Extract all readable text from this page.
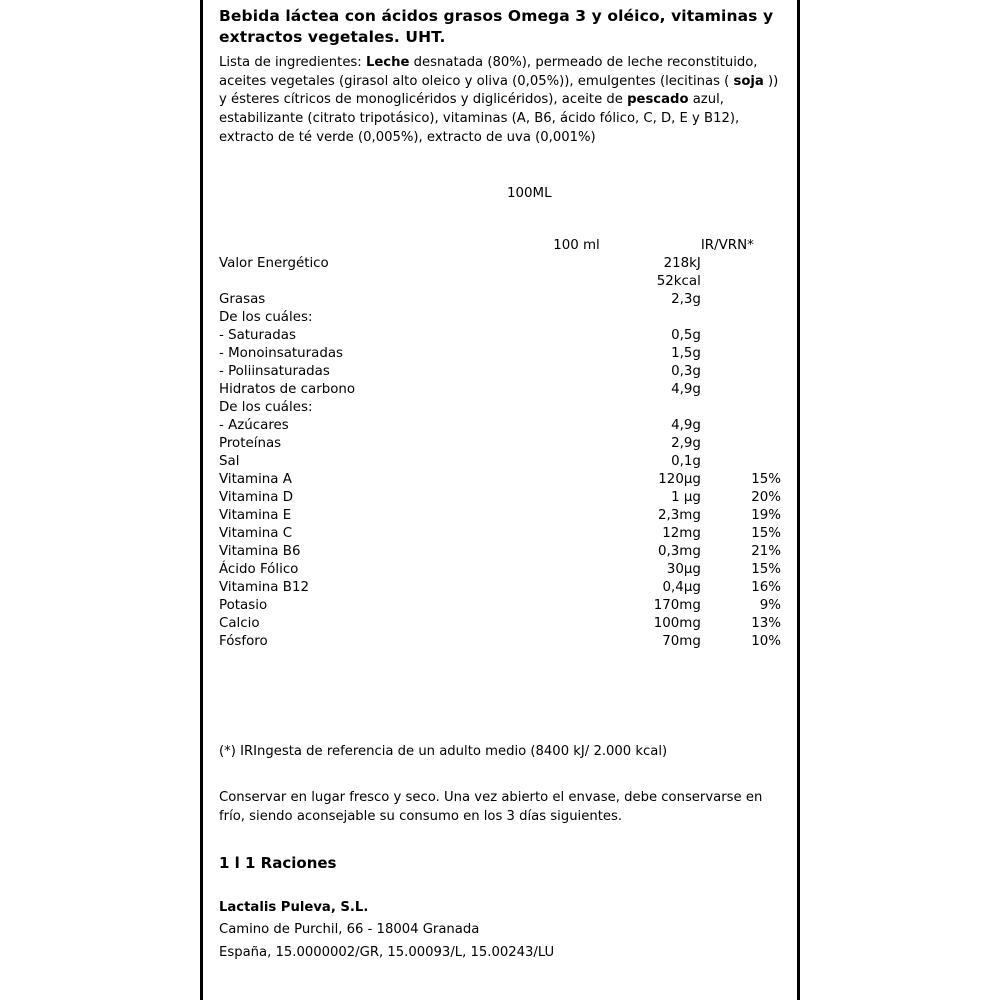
Bebida láctea con ácidos grasos Omega 3 y oléico, vitaminas y extractos vegetales. UHT.
Lista de ingredientes: Leche desnatada (80%), permeado de leche reconstituido, aceites vegetales (girasol alto oleico y oliva (0,05%)), emulgentes (lecitinas ( soja )) y ésteres cítricos de monoglicéridos y diglicéridos), aceite de pescado azul, estabilizante (citrato tripotásico), vitaminas (A, B6, ácido fólico, C, D, E y B12), extracto de té verde (0,005%), extracto de uva (0,001%)
100ML
	100 ml	IR/VRN*
Valor Energético	218kJ	
	52kcal	
Grasas	2,3g	
De los cuáles:		
- Saturadas	0,5g	
- Monoinsaturadas	1,5g	
- Poliinsaturadas	0,3g	
Hidratos de carbono	4,9g	
De los cuáles:		
- Azúcares	4,9g	
Proteínas	2,9g	
Sal	0,1g	
Vitamina A	120µg	15%
Vitamina D	1 µg	20%
Vitamina E	2,3mg	19%
Vitamina C	12mg	15%
Vitamina B6	0,3mg	21%
Ácido Fólico	30µg	15%
Vitamina B12	0,4µg	16%
Potasio	170mg	9%
Calcio	100mg	13%
Fósforo	70mg	10%
(*) IRIngesta de referencia de un adulto medio (8400 kJ/ 2.000 kcal)
Conservar en lugar fresco y seco. Una vez abierto el envase, debe conservarse en frío, siendo aconsejable su consumo en los 3 días siguientes.
1 l 1 Raciones
Lactalis Puleva, S.L.
Camino de Purchil, 66 - 18004 Granada
España, 15.0000002/GR, 15.00093/L, 15.00243/LU
